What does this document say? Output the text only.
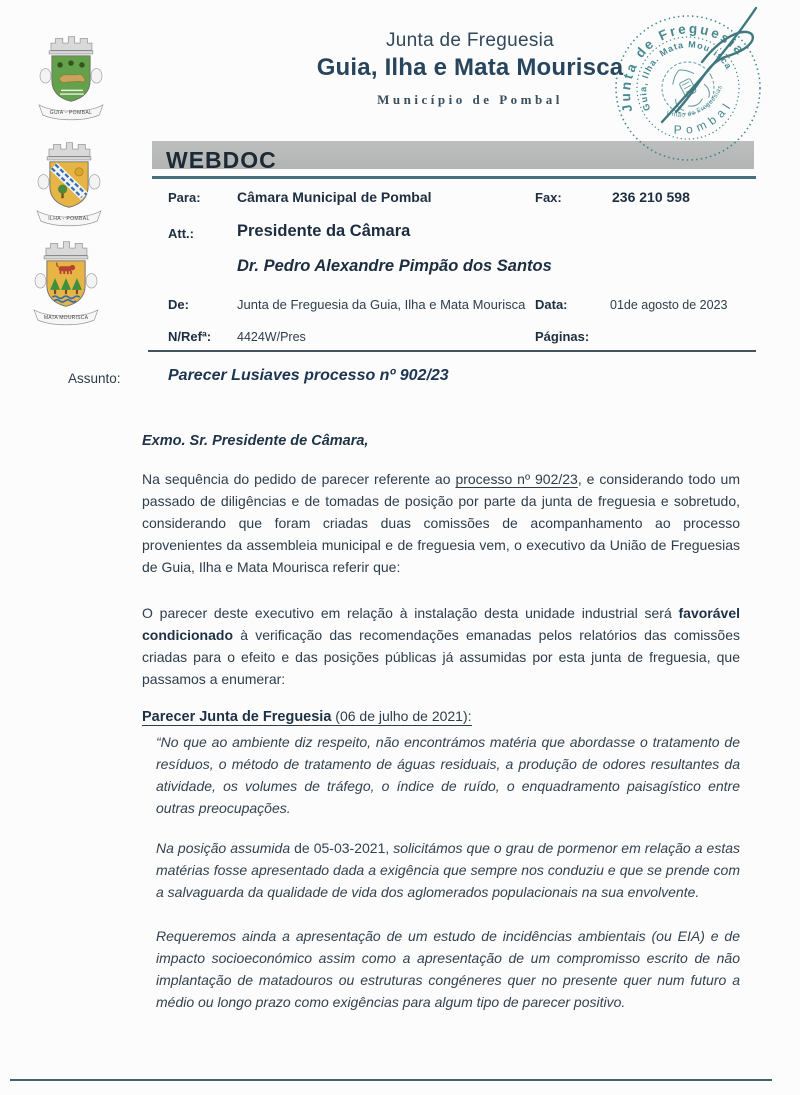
GUIA - POMBAL
ILHA - POMBAL
MATA MOURISCA
Junta de Freguesia
Guia, Ilha e Mata Mourisca
Município de Pombal
Junta de Freguesia
Guia, Ilha. Mata Mourisca
União de Freguesias
Pombal
WEBDOC
Para:	Câmara Municipal de Pombal	Fax:	236 210 598
Att.:	Presidente da Câmara
Dr. Pedro Alexandre Pimpão dos Santos
De:	Junta de Freguesia da Guia, Ilha e Mata Mourisca Data:	01de agosto de 2023
N/Refª: 4424W/Pres	Páginas:
Assunto:	Parecer Lusiaves processo nº 902/23

Exmo. Sr. Presidente de Câmara,

Na sequência do pedido de parecer referente ao processo nº 902/23, e considerando todo um passado de diligências e de tomadas de posição por parte da junta de freguesia e sobretudo, considerando que foram criadas duas comissões de acompanhamento ao processo provenientes da assembleia municipal e de freguesia vem, o executivo da União de Freguesias de Guia, Ilha e Mata Mourisca referir que:

O parecer deste executivo em relação à instalação desta unidade industrial será favorável condicionado à verificação das recomendações emanadas pelos relatórios das comissões criadas para o efeito e das posições públicas já assumidas por esta junta de freguesia, que passamos a enumerar:

Parecer Junta de Freguesia (06 de julho de 2021):

“No que ao ambiente diz respeito, não encontrámos matéria que abordasse o tratamento de resíduos, o método de tratamento de águas residuais, a produção de odores resultantes da atividade, os volumes de tráfego, o índice de ruído, o enquadramento paisagístico entre outras preocupações.

Na posição assumida de 05-03-2021, solicitámos que o grau de pormenor em relação a estas matérias fosse apresentado dada a exigência que sempre nos conduziu e que se prende com a salvaguarda da qualidade de vida dos aglomerados populacionais na sua envolvente.

Requeremos ainda a apresentação de um estudo de incidências ambientais (ou EIA) e de impacto socioeconómico assim como a apresentação de um compromisso escrito de não implantação de matadouros ou estruturas congéneres quer no presente quer num futuro a médio ou longo prazo como exigências para algum tipo de parecer positivo.
